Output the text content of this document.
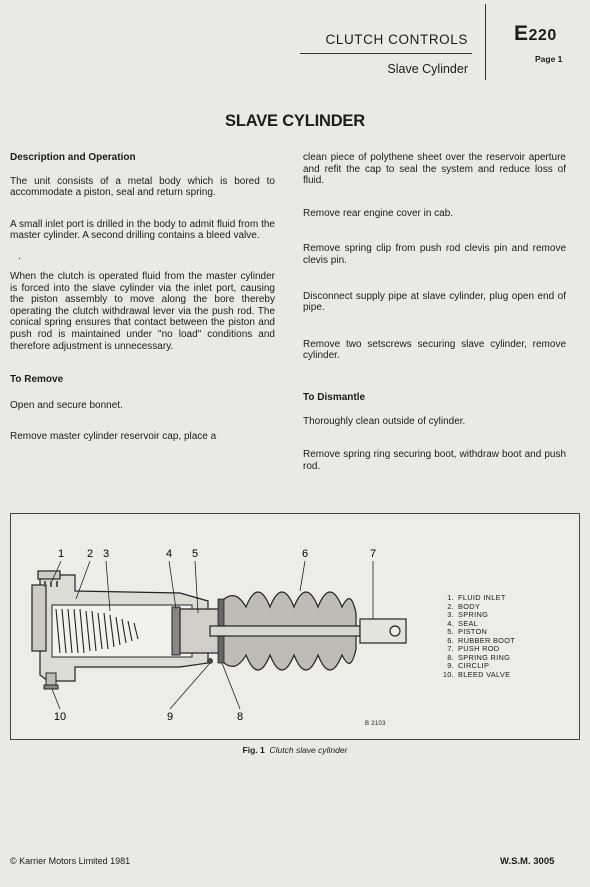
CLUTCH CONTROLS
Slave Cylinder
E220
Page 1
SLAVE CYLINDER
Description and Operation

The unit consists of a metal body which is bored to accommodate a piston, seal and return spring.

A small inlet port is drilled in the body to admit fluid from the master cylinder. A second drilling contains a bleed valve.

.

When the clutch is operated fluid from the master cylinder is forced into the slave cylinder via the inlet port, causing the piston assembly to move along the bore thereby operating the clutch withdrawal lever via the push rod. The conical spring ensures that contact between the piston and push rod is maintained under "no load" conditions and therefore adjustment is unnecessary.

To Remove

Open and secure bonnet.

Remove master cylinder reservoir cap, place a

clean piece of polythene sheet over the reservoir aperture and refit the cap to seal the system and reduce loss of fluid.

Remove rear engine cover in cab.

Remove spring clip from push rod clevis pin and remove clevis pin.

Disconnect supply pipe at slave cylinder, plug open end of pipe.

Remove two setscrews securing slave cylinder, remove cylinder.

To Dismantle

Thoroughly clean outside of cylinder.

Remove spring ring securing boot, withdraw boot and push rod.

1 2 3	4 5	6	7
8
9
10
1. FLUID INLET
2. BODY
3. SPRING
4. SEAL
5. PISTON
6. RUBBER BOOT
7. PUSH ROD
8. SPRING RING
9. CIRCLIP
10. BLEED VALVE
B 2103
Fig. 1 Clutch slave cylinder
© Karrier Motors Limited 1981	W.S.M. 3005
